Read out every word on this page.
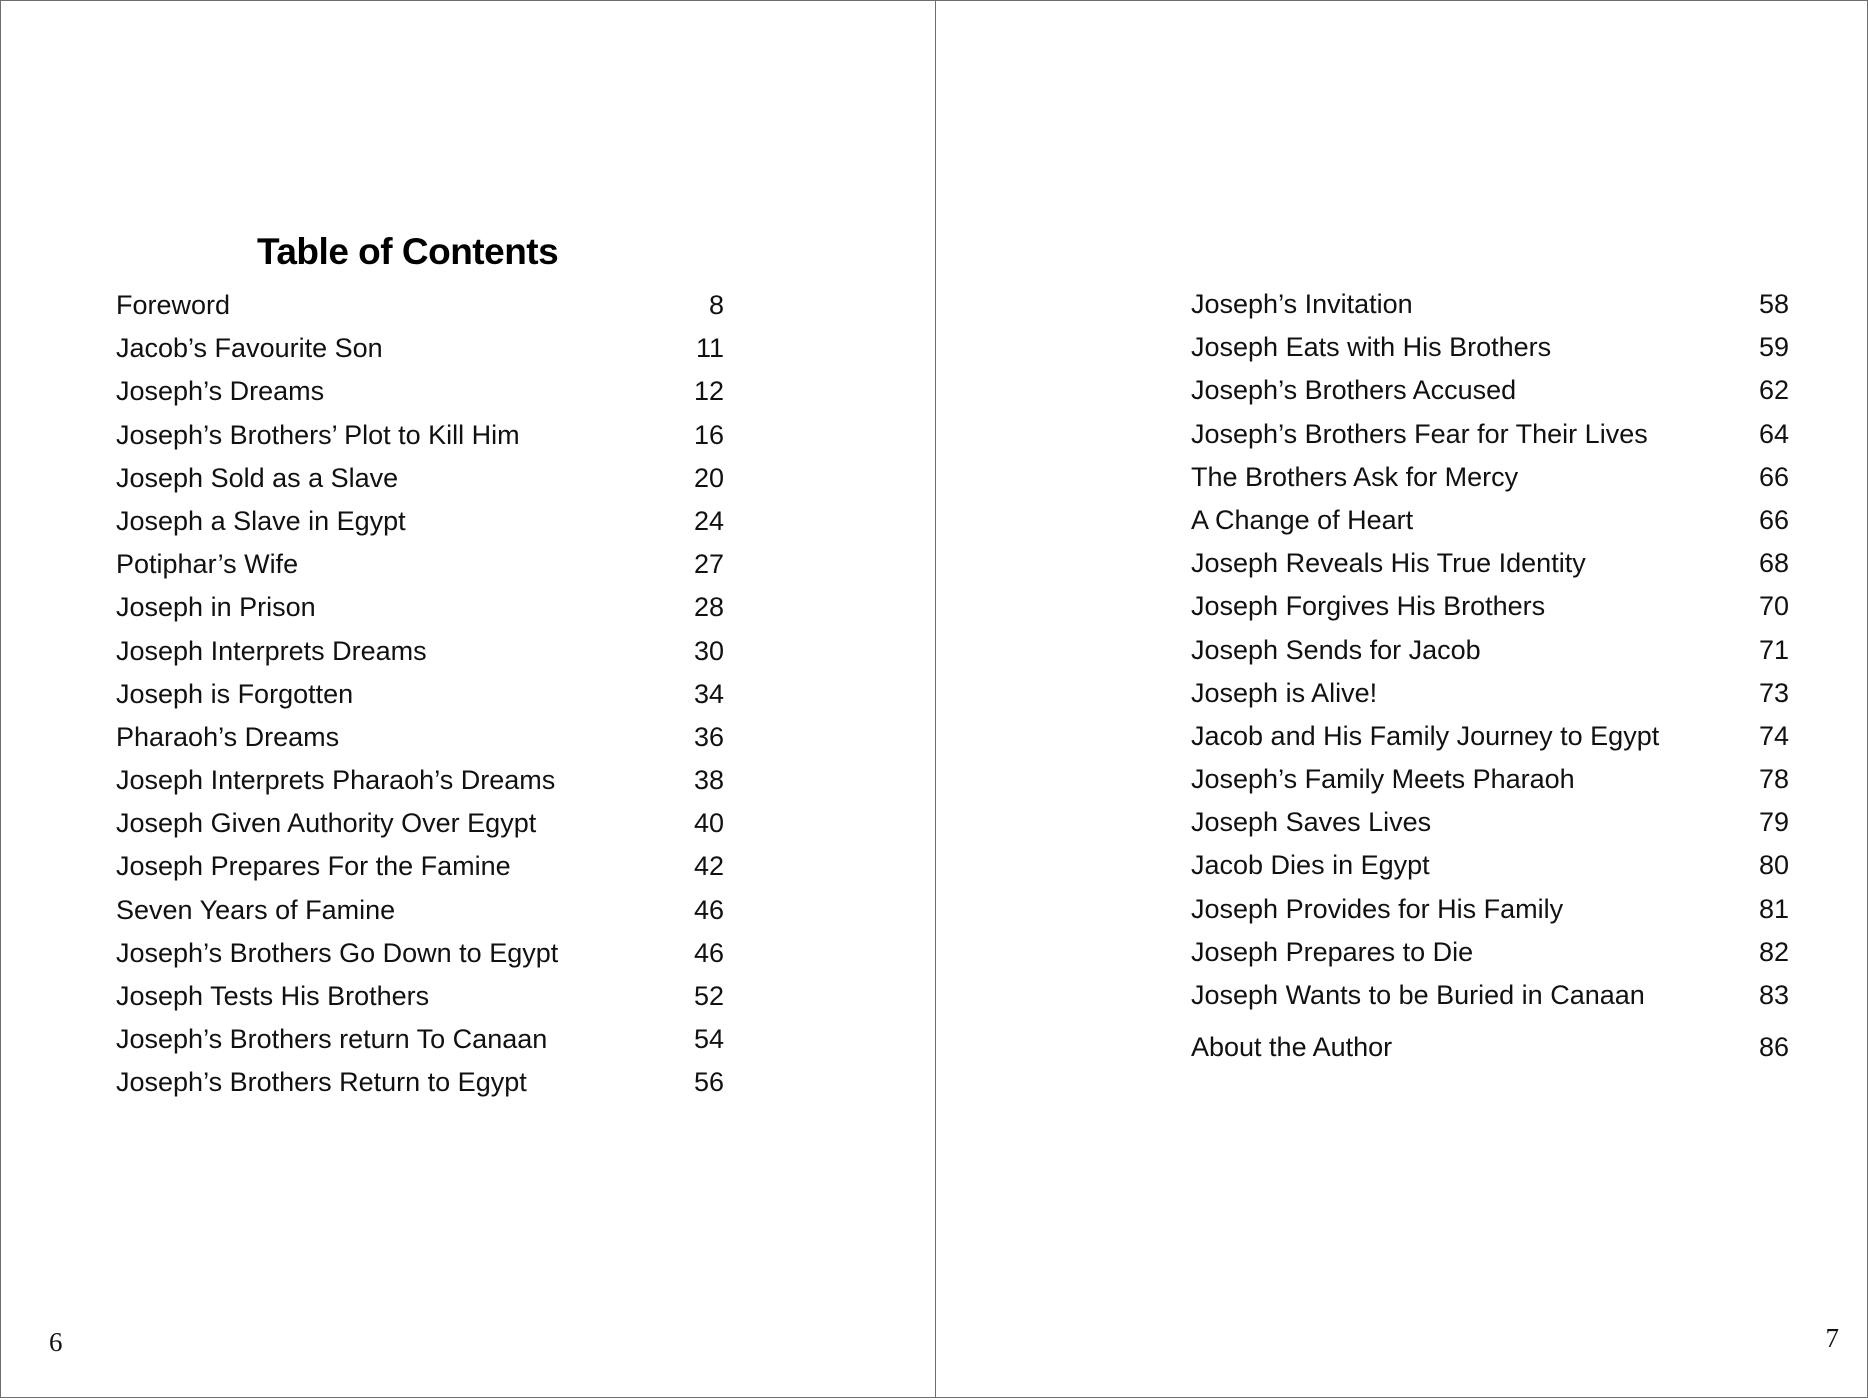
Table of Contents
Foreword	8
Jacob’s Favourite Son	11
Joseph’s Dreams	12
Joseph’s Brothers’ Plot to Kill Him	16
Joseph Sold as a Slave	20
Joseph a Slave in Egypt	24
Potiphar’s Wife	27
Joseph in Prison	28
Joseph Interprets Dreams	30
Joseph is Forgotten	34
Pharaoh’s Dreams	36
Joseph Interprets Pharaoh’s Dreams	38
Joseph Given Authority Over Egypt	40
Joseph Prepares For the Famine	42
Seven Years of Famine	46
Joseph’s Brothers Go Down to Egypt	46
Joseph Tests His Brothers	52
Joseph’s Brothers return To Canaan	54
Joseph’s Brothers Return to Egypt	56
6
Joseph’s Invitation	58
Joseph Eats with His Brothers	59
Joseph’s Brothers Accused	62
Joseph’s Brothers Fear for Their Lives	64
The Brothers Ask for Mercy	66
A Change of Heart	66
Joseph Reveals His True Identity	68
Joseph Forgives His Brothers	70
Joseph Sends for Jacob	71
Joseph is Alive!	73
Jacob and His Family Journey to Egypt	74
Joseph’s Family Meets Pharaoh	78
Joseph Saves Lives	79
Jacob Dies in Egypt	80
Joseph Provides for His Family	81
Joseph Prepares to Die	82
Joseph Wants to be Buried in Canaan	83
About the Author	86
7
